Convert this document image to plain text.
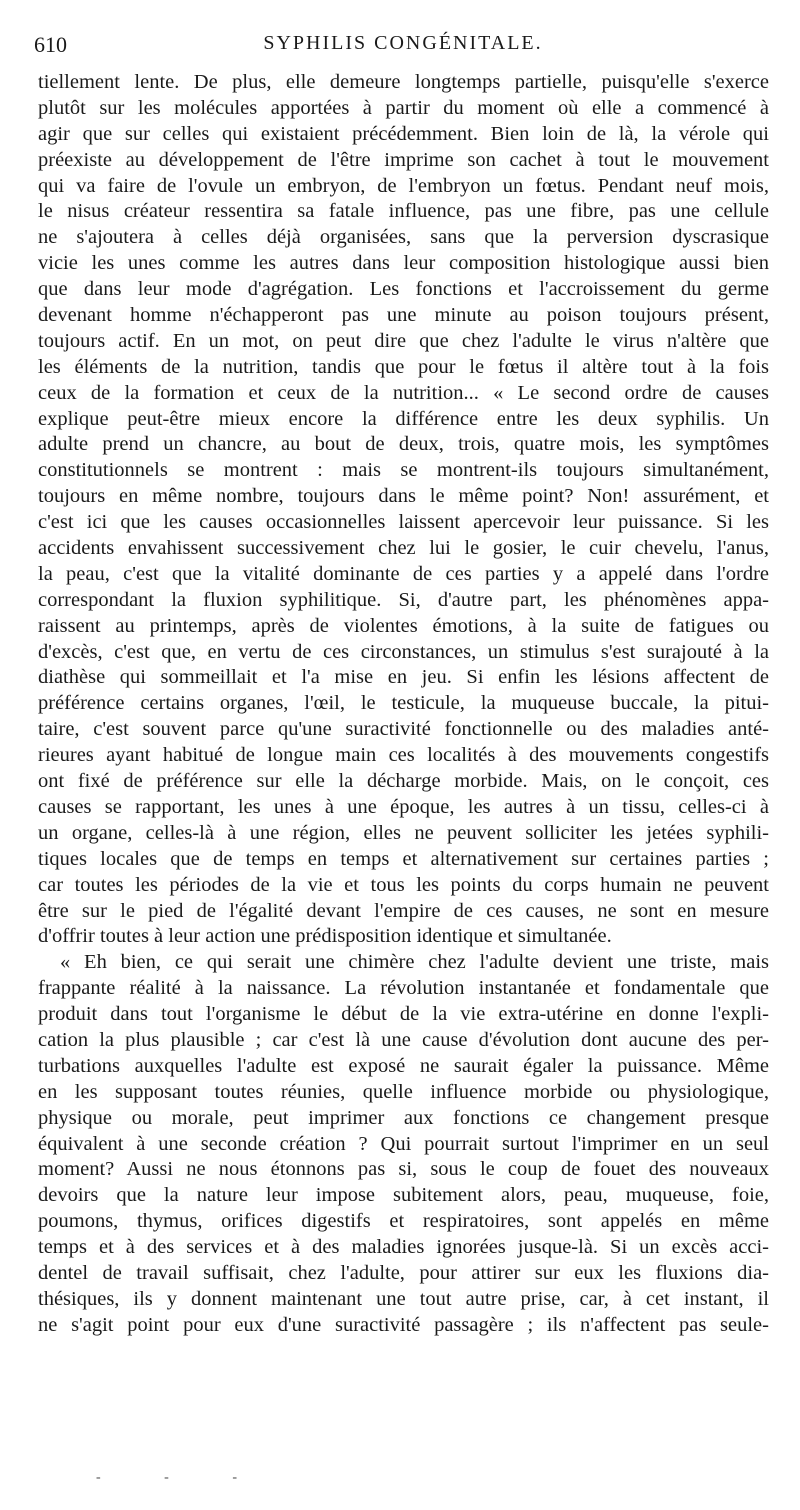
610	SYPHILIS CONGÉNITALE.
tiellement lente. De plus, elle demeure longtemps partielle, puisqu'elle s'exerce
plutôt sur les molécules apportées à partir du moment où elle a commencé à
agir que sur celles qui existaient précédemment. Bien loin de là, la vérole qui
préexiste au développement de l'être imprime son cachet à tout le mouvement
qui va faire de l'ovule un embryon, de l'embryon un fœtus. Pendant neuf mois,
le nisus créateur ressentira sa fatale influence, pas une fibre, pas une cellule
ne s'ajoutera à celles déjà organisées, sans que la perversion dyscrasique
vicie les unes comme les autres dans leur composition histologique aussi bien
que dans leur mode d'agrégation. Les fonctions et l'accroissement du germe
devenant homme n'échapperont pas une minute au poison toujours présent,
toujours actif. En un mot, on peut dire que chez l'adulte le virus n'altère que
les éléments de la nutrition, tandis que pour le fœtus il altère tout à la fois
ceux de la formation et ceux de la nutrition... « Le second ordre de causes
explique peut-être mieux encore la différence entre les deux syphilis. Un
adulte prend un chancre, au bout de deux, trois, quatre mois, les symptômes
constitutionnels se montrent : mais se montrent-ils toujours simultanément,
toujours en même nombre, toujours dans le même point? Non! assurément, et
c'est ici que les causes occasionnelles laissent apercevoir leur puissance. Si les
accidents envahissent successivement chez lui le gosier, le cuir chevelu, l'anus,
la peau, c'est que la vitalité dominante de ces parties y a appelé dans l'ordre
correspondant la fluxion syphilitique. Si, d'autre part, les phénomènes appa-
raissent au printemps, après de violentes émotions, à la suite de fatigues ou
d'excès, c'est que, en vertu de ces circonstances, un stimulus s'est surajouté à la
diathèse qui sommeillait et l'a mise en jeu. Si enfin les lésions affectent de
préférence certains organes, l'œil, le testicule, la muqueuse buccale, la pitui-
taire, c'est souvent parce qu'une suractivité fonctionnelle ou des maladies anté-
rieures ayant habitué de longue main ces localités à des mouvements congestifs
ont fixé de préférence sur elle la décharge morbide. Mais, on le conçoit, ces
causes se rapportant, les unes à une époque, les autres à un tissu, celles-ci à
un organe, celles-là à une région, elles ne peuvent solliciter les jetées syphili-
tiques locales que de temps en temps et alternativement sur certaines parties ;
car toutes les périodes de la vie et tous les points du corps humain ne peuvent
être sur le pied de l'égalité devant l'empire de ces causes, ne sont en mesure
d'offrir toutes à leur action une prédisposition identique et simultanée.
« Eh bien, ce qui serait une chimère chez l'adulte devient une triste, mais
frappante réalité à la naissance. La révolution instantanée et fondamentale que
produit dans tout l'organisme le début de la vie extra-utérine en donne l'expli-
cation la plus plausible ; car c'est là une cause d'évolution dont aucune des per-
turbations auxquelles l'adulte est exposé ne saurait égaler la puissance. Même
en les supposant toutes réunies, quelle influence morbide ou physiologique,
physique ou morale, peut imprimer aux fonctions ce changement presque
équivalent à une seconde création ? Qui pourrait surtout l'imprimer en un seul
moment? Aussi ne nous étonnons pas si, sous le coup de fouet des nouveaux
devoirs que la nature leur impose subitement alors, peau, muqueuse, foie,
poumons, thymus, orifices digestifs et respiratoires, sont appelés en même
temps et à des services et à des maladies ignorées jusque-là. Si un excès acci-
dentel de travail suffisait, chez l'adulte, pour attirer sur eux les fluxions dia-
thésiques, ils y donnent maintenant une tout autre prise, car, à cet instant, il
ne s'agit point pour eux d'une suractivité passagère ; ils n'affectent pas seule-
- - -
